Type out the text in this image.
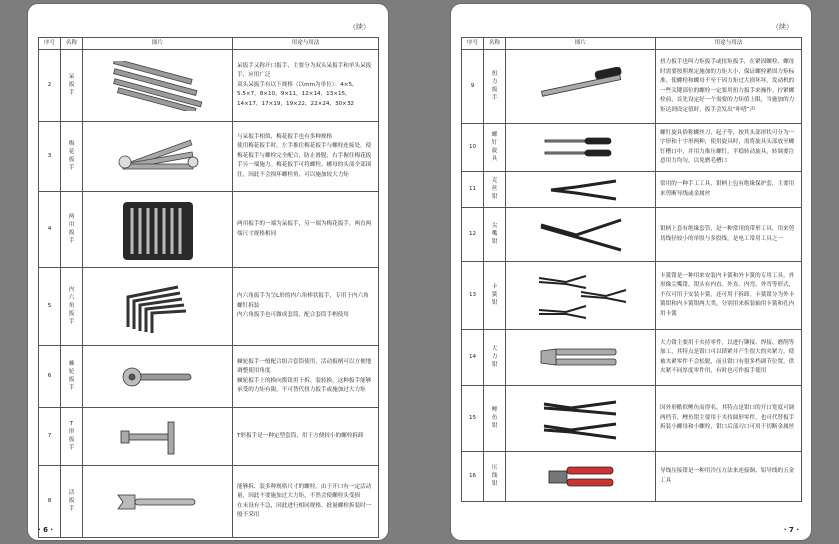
（续）
序号	名称	图片	用途与用法
2	呆扳手		呆扳手又称开口扳手，主要分为双头呆扳手和单头呆扳手，应用广泛
双头呆扳手有以下规格（以mm为单位）：4×5，5.5×7，8×10，9×11，12×14，13×15，14×17，17×19，19×22，22×24，30×32
3	梅花扳手		与呆扳手相似，梅花扳手也有多种规格
使用梅花扳手时，左手推住梅花扳手与螺栓连接处，使梅花扳手与螺栓完全配合，防止滑脱；右手握住梅花扳手另一端施力。梅花扳手可将螺栓、螺母的头部全部围住，因此不会损坏螺栓角，可以施加较大力矩
4	两用扳手		两用扳手的一端为呆扳手，另一端为梅花扳手，两直两端尺寸规格相同
5	内六角扳手		内六角扳手为呈L形的内六角棒状扳手，专用于内六角螺钉拆装
内六角扳手也可做成套筒，配合套筒手柄使用
6	棘轮扳手		棘轮扳手一般配合组合套筒使用，活动扳柄可以方便地调整使用角度
棘轮扳手上的换向拨钮用于拆、装转换，这种扳手能够承受的力矩有限，不可替代扭力扳手或施加过大力矩
7	T形扳手		T形扳手是一种定型套筒，用于方便较小的螺栓拆卸
8	活扳手		能够拆、装多种规格尺寸的螺栓，由于开口有一定活动量，因此不要施加过大力矩，不然会使螺栓头受损
在未设有不急，因此进行相同规格、批量螺栓拆装时一般不采用
· 6 ·
（续）
序号	名称	图片	用途与用法
9	扭力扳手		扭力扳手也叫力矩扳手或扭矩扳手，在紧固螺栓、螺母时需要按照规定施加的力矩大小，保证螺栓紧固力矩标准，使螺栓和螺母不至于因力矩过大损坏坏，发动机的一些关键部位的螺栓一定要用扭力扳手来操作。拧紧螺栓前，首先设定好一个需要的力矩值上限，当施加的力矩达到设定值时，扳手会发出“咔嗒”声
10	螺钉旋具		螺钉旋具俗称螺丝刀、起子等，按其头部形状可分为一字形和十字形两种，使用旋具时，需将旋具头部放至螺钉槽口中，并用力推压螺钉，平稳转动旋具，转调要注意用力均匀，以免磨毛槽口
11	克丝钳		常用的一种手工工具，钳柄上包有绝缘保护套，主要用来剪断导线或金属丝
12	尖嘴钳		钳柄上套有绝缘套管，是一种常用的带形工具，用来剪切线径较小的单股与多股线，是电工常用工具之一
13	卡簧钳		卡簧钳是一种用来安装内卡簧和外卡簧的专用工具，外形像尖嘴钳，钳头有内直、外直、内弯、外弯等形式，不仅可用于安装卡簧，还可用于拆卸。卡簧钳分为外卡簧钳和内卡簧钳两大类，分别用来拆装轴用卡簧和孔内用卡簧
14	大力钳		大力钳主要用于夹持零件，以进行铆接、焊接、磨削等加工，其特点是钳口可以锁紧并产生很大的夹紧力，使被夹紧零件不会松脱，而且钳口有很多档调节位置，供夹紧不同厚度零件用，有时也可作扳手使用
15	鲤鱼钳		因外形酷似鲤鱼而得名，其特点是钳口的开口宽度可调两档节，鲤鱼钳主要用于夹持圆形零件，也可代替扳手拆装小螺母和小螺栓，钳口后部刃口可用于切断金属丝
16	压线钳		导线压接钳是一种用冷压方法来连接铜、铝导线的五金工具
· 7 ·
